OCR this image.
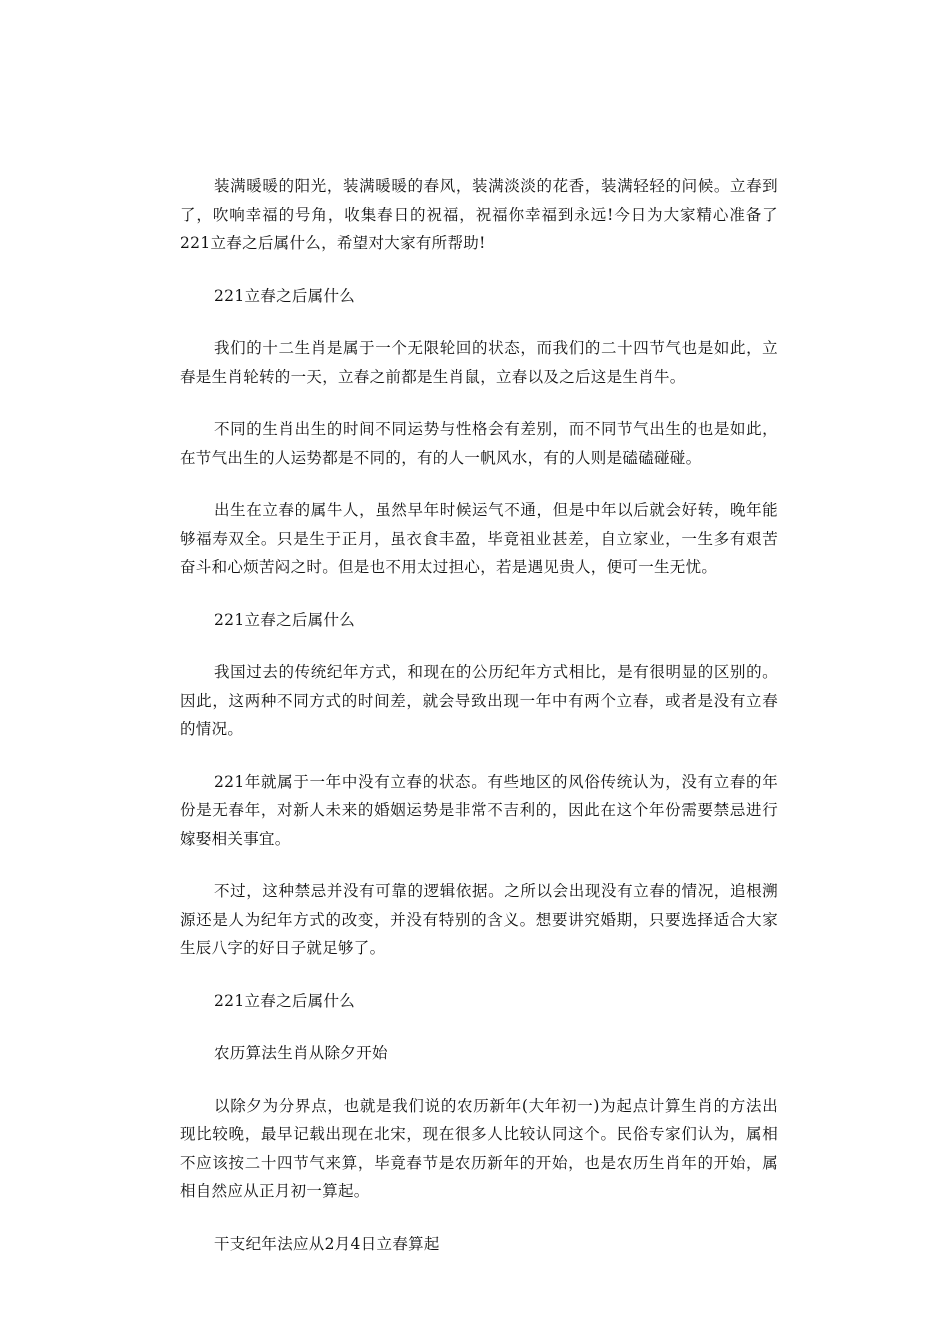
装满暖暖的阳光，装满暖暖的春风，装满淡淡的花香，装满轻轻的问候。立春到了，吹响幸福的号角，收集春日的祝福，祝福你幸福到永远!今日为大家精心准备了221立春之后属什么，希望对大家有所帮助!

221立春之后属什么

我们的十二生肖是属于一个无限轮回的状态，而我们的二十四节气也是如此，立春是生肖轮转的一天，立春之前都是生肖鼠，立春以及之后这是生肖牛。

不同的生肖出生的时间不同运势与性格会有差别，而不同节气出生的也是如此，在节气出生的人运势都是不同的，有的人一帆风水，有的人则是磕磕碰碰。

出生在立春的属牛人，虽然早年时候运气不通，但是中年以后就会好转，晚年能够福寿双全。只是生于正月，虽衣食丰盈，毕竟祖业甚差，自立家业，一生多有艰苦奋斗和心烦苦闷之时。但是也不用太过担心，若是遇见贵人，便可一生无忧。

221立春之后属什么

我国过去的传统纪年方式，和现在的公历纪年方式相比，是有很明显的区别的。因此，这两种不同方式的时间差，就会导致出现一年中有两个立春，或者是没有立春的情况。

221年就属于一年中没有立春的状态。有些地区的风俗传统认为，没有立春的年份是无春年，对新人未来的婚姻运势是非常不吉利的，因此在这个年份需要禁忌进行嫁娶相关事宜。

不过，这种禁忌并没有可靠的逻辑依据。之所以会出现没有立春的情况，追根溯源还是人为纪年方式的改变，并没有特别的含义。想要讲究婚期，只要选择适合大家生辰八字的好日子就足够了。

221立春之后属什么

农历算法生肖从除夕开始

以除夕为分界点，也就是我们说的农历新年(大年初一)为起点计算生肖的方法出现比较晚，最早记载出现在北宋，现在很多人比较认同这个。民俗专家们认为，属相不应该按二十四节气来算，毕竟春节是农历新年的开始，也是农历生肖年的开始，属相自然应从正月初一算起。

干支纪年法应从2月4日立春算起
